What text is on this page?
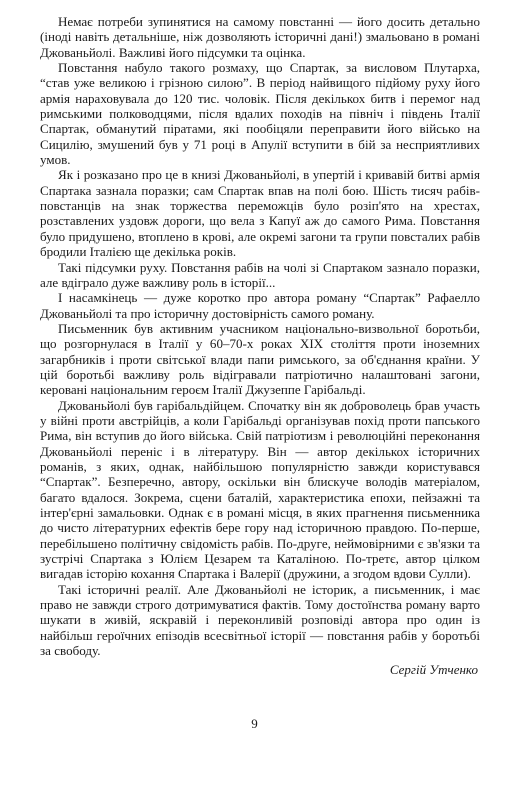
Немає потреби зупинятися на самому повстанні — його досить детально (іноді навіть детальніше, ніж дозволяють історичні дані!) змальовано в романі Джованьйолі. Важливі його підсумки та оцінка.

Повстання набуло такого розмаху, що Спартак, за висловом Плутарха, “став уже великою і грізною силою”. В період найвищого підйому руху його армія нараховувала до 120 тис. чоловік. Після декількох битв і перемог над римськими полководцями, після вдалих походів на північ і південь Італії Спартак, обманутий піратами, які пообіцяли переправити його військо на Сицилію, змушений був у 71 році в Апулії вступити в бій за несприятливих умов.

Як і розказано про це в книзі Джованьйолі, в упертій і кривавій битві армія Спартака зазнала поразки; сам Спартак впав на полі бою. Шість тисяч рабів-повстанців на знак торжества переможців було розіп'ято на хрестах, розставлених уздовж дороги, що вела з Капуї аж до самого Рима. Повстання було придушено, втоплено в крові, але окремі загони та групи повсталих рабів бродили Італією ще декілька років.

Такі підсумки руху. Повстання рабів на чолі зі Спартаком зазнало поразки, але вдіграло дуже важливу роль в історії...

І насамкінець — дуже коротко про автора роману “Спартак” Рафаелло Джованьйолі та про історичну достовірність самого роману.

Письменник був активним учасником національно-визвольної боротьби, що розгорнулася в Італії у 60–70-х роках XIX століття проти іноземних загарбників і проти світської влади папи римського, за об'єднання країни. У цій боротьбі важливу роль відігравали патріотично налаштовані загони, керовані національним героєм Італії Джузеппе Гарібальді.

Джованьйолі був гарібальдійцем. Спочатку він як доброволець брав участь у війні проти австрійців, а коли Гарібальді організував похід проти папського Рима, він вступив до його війська. Свій патріотизм і революційні переконання Джованьйолі переніс і в літературу. Він — автор декількох історичних романів, з яких, однак, найбільшою популярністю завжди користувався “Спартак”. Безперечно, автору, оскільки він блискуче володів матеріалом, багато вдалося. Зокрема, сцени баталій, характеристика епохи, пейзажні та інтер'єрні замальовки. Однак є в романі місця, в яких прагнення письменника до чисто літературних ефектів бере гору над історичною правдою. По-перше, перебільшено політичну свідомість рабів. По-друге, неймовірними є зв'язки та зустрічі Спартака з Юлієм Цезарем та Каталіною. По-третє, автор цілком вигадав історію кохання Спартака і Валерії (дружини, а згодом вдови Сулли).

Такі історичні реалії. Але Джованьйолі не історик, а письменник, і має право не завжди строго дотримуватися фактів. Тому достоїнства роману варто шукати в живій, яскравій і переконливій розповіді автора про один із найбільш героїчних епізодів всесвітньої історії — повстання рабів у боротьбі за свободу.

Сергій Утченко

9
